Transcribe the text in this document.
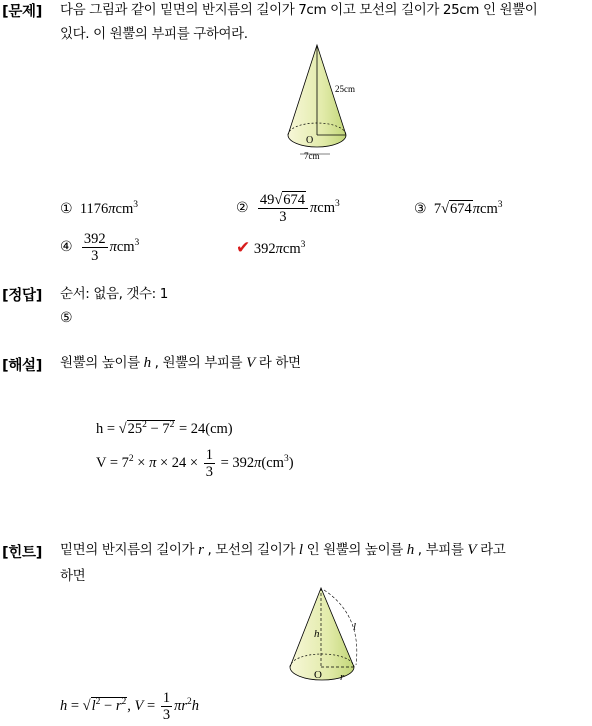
[문제] 다음 그림과 같이 밑면의 반지름의 길이가 7cm 이고 모선의 길이가 25cm 인 원뿔이
있다. 이 원뿔의 부피를 구하여라.
25cm
O
7cm
① 1176πcm$^3$	② $\frac{49√674}{3} \pi cm^3$	③ 7√674πcm$^3$
④ $\frac{392}{3} \pi cm^3$	✔ 392πcm$^3$
[정답] 순서: 없음, 갯수: 1
⑤
[해설] 원뿔의 높이를 h , 원뿔의 부피를 V 라 하면
$h = √25^2 - 7^2 = 24(cm)$
$V = 7^2 \times \pi \times 24 \times \frac{1}{3} = 392\pi(cm^3)$
[힌트] 밑면의 반지름의 길이가 r , 모선의 길이가 l 인 원뿔의 높이를 h , 부피를 V 라고
하면
h
l
O r
$h = √l^2 - r^2$, $V = \frac{1}{3} \pi r^2h$
